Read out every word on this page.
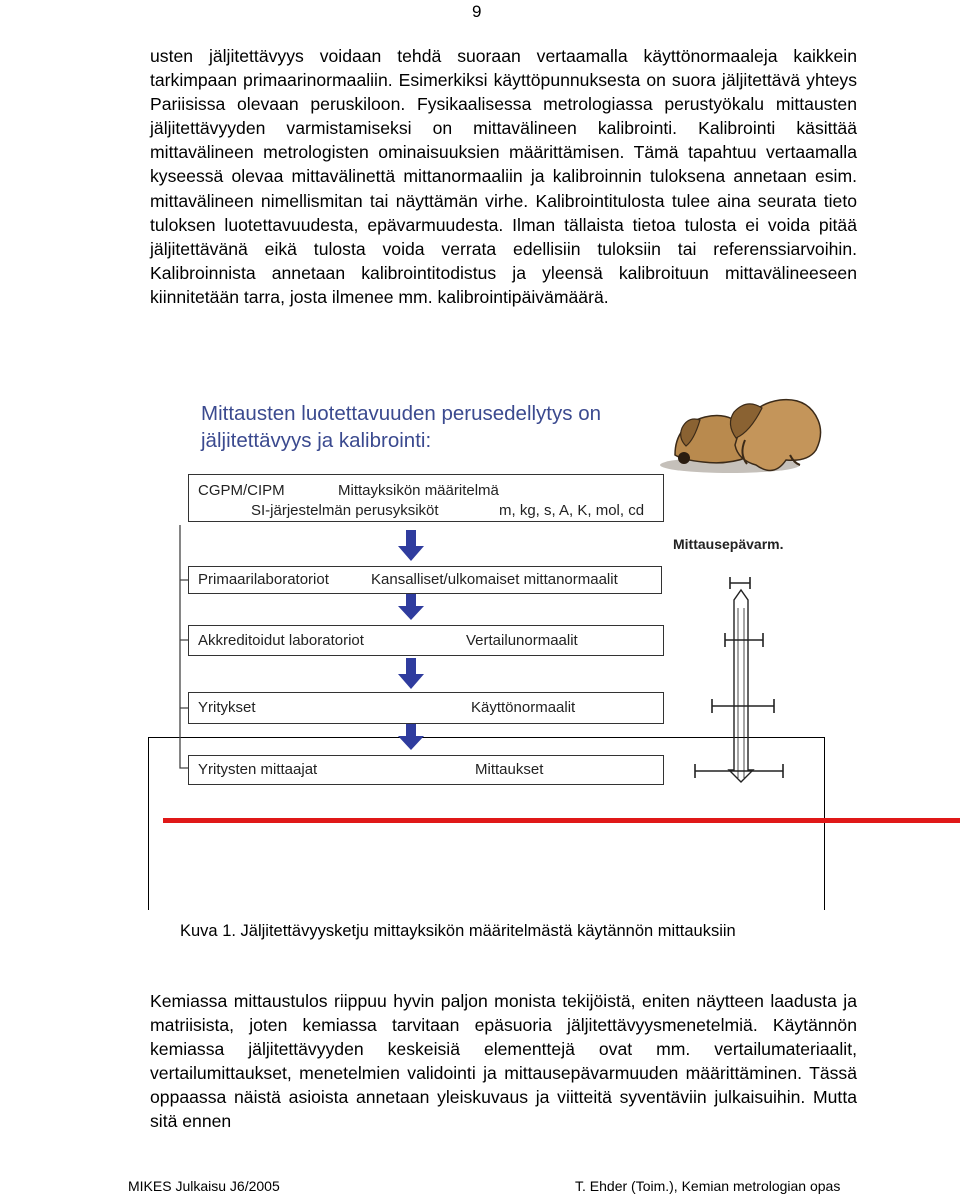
9

usten jäljitettävyys voidaan tehdä suoraan vertaamalla käyttönormaaleja kaikkein tarkimpaan primaarinormaaliin. Esimerkiksi käyttöpunnuksesta on suora jäljitettävä yhteys Pariisissa olevaan peruskiloon. Fysikaalisessa metrologiassa perustyökalu mittausten jäljitettävyyden varmistamiseksi on mittavälineen kalibrointi. Kalibrointi käsittää mittavälineen metrologisten ominaisuuksien määrittämisen. Tämä tapahtuu vertaamalla kyseessä olevaa mittavälinettä mittanormaaliin ja kalibroinnin tuloksena annetaan esim. mittavälineen nimellismitan tai näyttämän virhe. Kalibrointitulosta tulee aina seurata tieto tuloksen luotettavuudesta, epävarmuudesta. Ilman tällaista tietoa tulosta ei voida pitää jäljitettävänä eikä tulosta voida verrata edellisiin tuloksiin tai referenssiarvoihin. Kalibroinnista annetaan kalibrointitodistus ja yleensä kalibroituun mittavälineeseen kiinnitetään tarra, josta ilmenee mm. kalibrointipäivämäärä.

Mittausten luotettavuuden perusedellytys on jäljitettävyys ja kalibrointi:
CGPM/CIPM	Mittayksikön määritelmä
SI-järjestelmän perusyksiköt	m, kg, s, A, K, mol, cd
Mittausepävarm.
Primaarilaboratoriot	Kansalliset/ulkomaiset mittanormaalit
Akkreditoidut laboratoriot	Vertailunormaalit
Yritykset	Käyttönormaalit
Yritysten mittaajat	Mittaukset
Kuva 1. Jäljitettävyysketju mittayksikön määritelmästä käytännön mittauksiin

Kemiassa mittaustulos riippuu hyvin paljon monista tekijöistä, eniten näytteen laadusta ja matriisista, joten kemiassa tarvitaan epäsuoria jäljitettävyysmenetelmiä. Käytännön kemiassa jäljitettävyyden keskeisiä elementtejä ovat mm. vertailumateriaalit, vertailumittaukset, menetelmien validointi ja mittausepävarmuuden määrittäminen. Tässä oppaassa näistä asioista annetaan yleiskuvaus ja viitteitä syventäviin julkaisuihin. Mutta sitä ennen

MIKES Julkaisu J6/2005	T. Ehder (Toim.), Kemian metrologian opas
